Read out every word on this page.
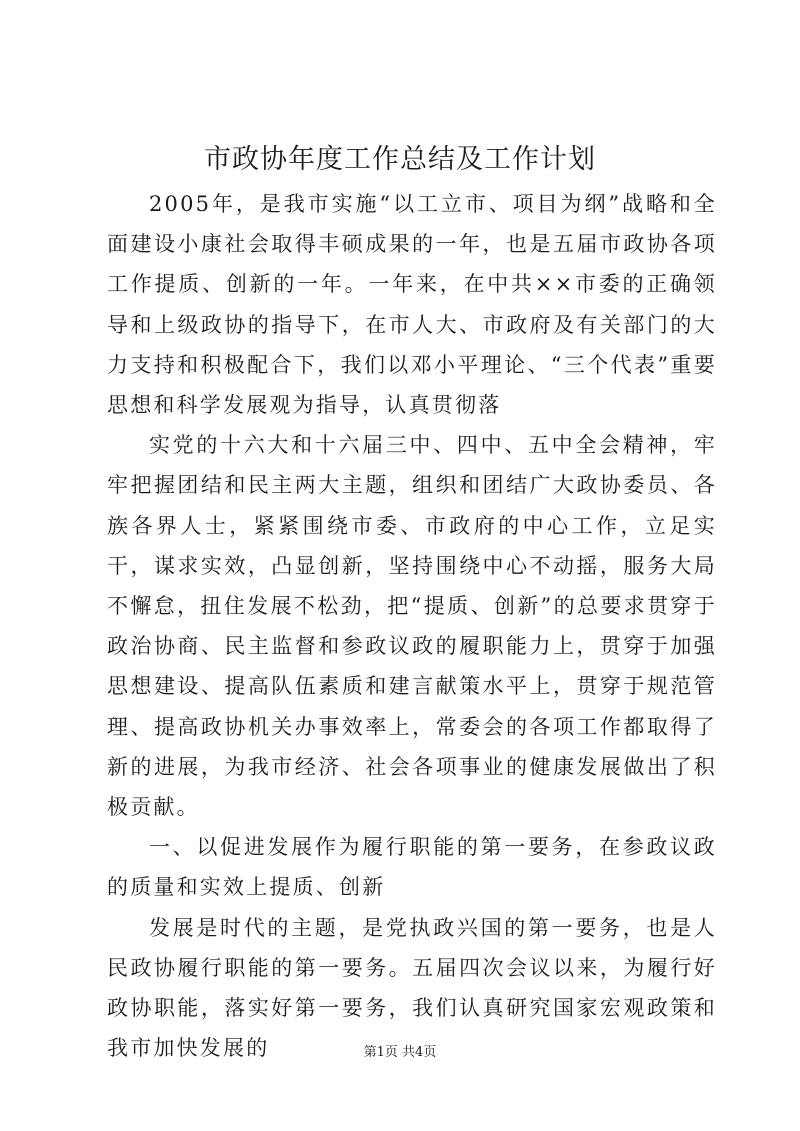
市政协年度工作总结及工作计划

2005年，是我市实施“以工立市、项目为纲”战略和全面建设小康社会取得丰硕成果的一年，也是五届市政协各项工作提质、创新的一年。一年来，在中共××市委的正确领导和上级政协的指导下，在市人大、市政府及有关部门的大力支持和积极配合下，我们以邓小平理论、“三个代表”重要思想和科学发展观为指导，认真贯彻落

实党的十六大和十六届三中、四中、五中全会精神，牢牢把握团结和民主两大主题，组织和团结广大政协委员、各族各界人士，紧紧围绕市委、市政府的中心工作，立足实干，谋求实效，凸显创新，坚持围绕中心不动摇，服务大局不懈怠，扭住发展不松劲，把“提质、创新”的总要求贯穿于政治协商、民主监督和参政议政的履职能力上，贯穿于加强思想建设、提高队伍素质和建言献策水平上，贯穿于规范管理、提高政协机关办事效率上，常委会的各项工作都取得了新的进展，为我市经济、社会各项事业的健康发展做出了积极贡献。

一、以促进发展作为履行职能的第一要务，在参政议政的质量和实效上提质、创新

发展是时代的主题，是党执政兴国的第一要务，也是人民政协履行职能的第一要务。五届四次会议以来，为履行好政协职能，落实好第一要务，我们认真研究国家宏观政策和我市加快发展的	第1页 共4页
